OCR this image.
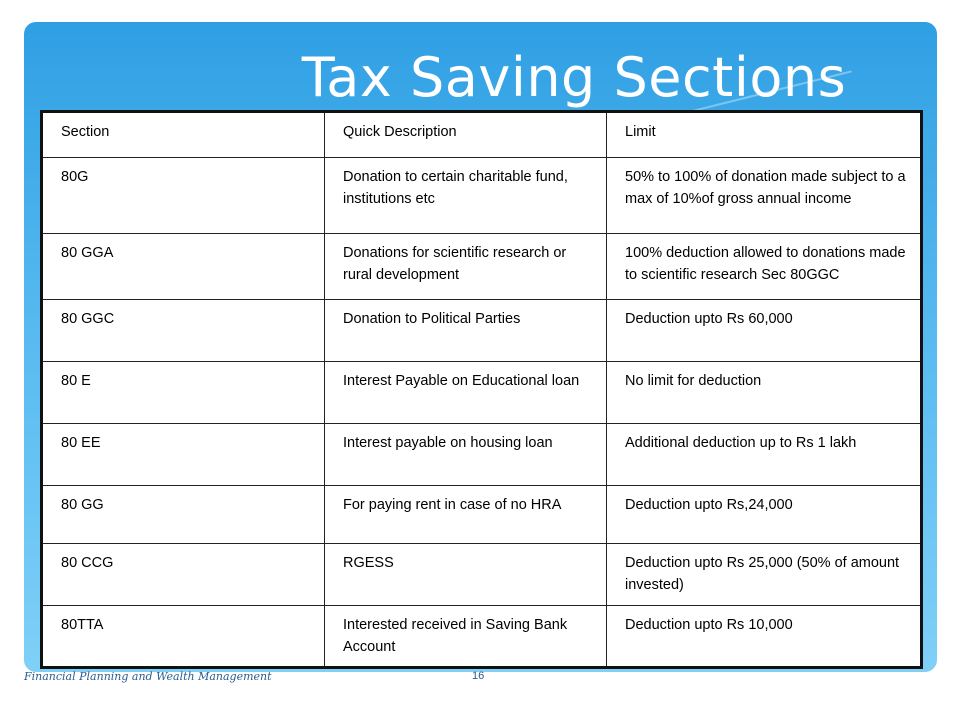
Tax Saving Sections
Section	Quick Description	Limit
80G	Donation to certain charitable fund, institutions etc	50% to 100% of donation made subject to a max of 10%of gross annual income
80 GGA	Donations for scientific research or rural development	100% deduction allowed to donations made to scientific research Sec 80GGC
80 GGC	Donation to Political Parties	Deduction upto Rs 60,000
80 E	Interest Payable on Educational loan	No limit for deduction
80 EE	Interest payable on housing loan	Additional deduction up to Rs 1 lakh
80 GG	For paying rent in case of no HRA	Deduction upto Rs,24,000
80 CCG	RGESS	Deduction upto Rs 25,000 (50% of amount invested)
80TTA	Interested received in Saving Bank Account	Deduction upto Rs 10,000
Financial Planning and Wealth Management	16
